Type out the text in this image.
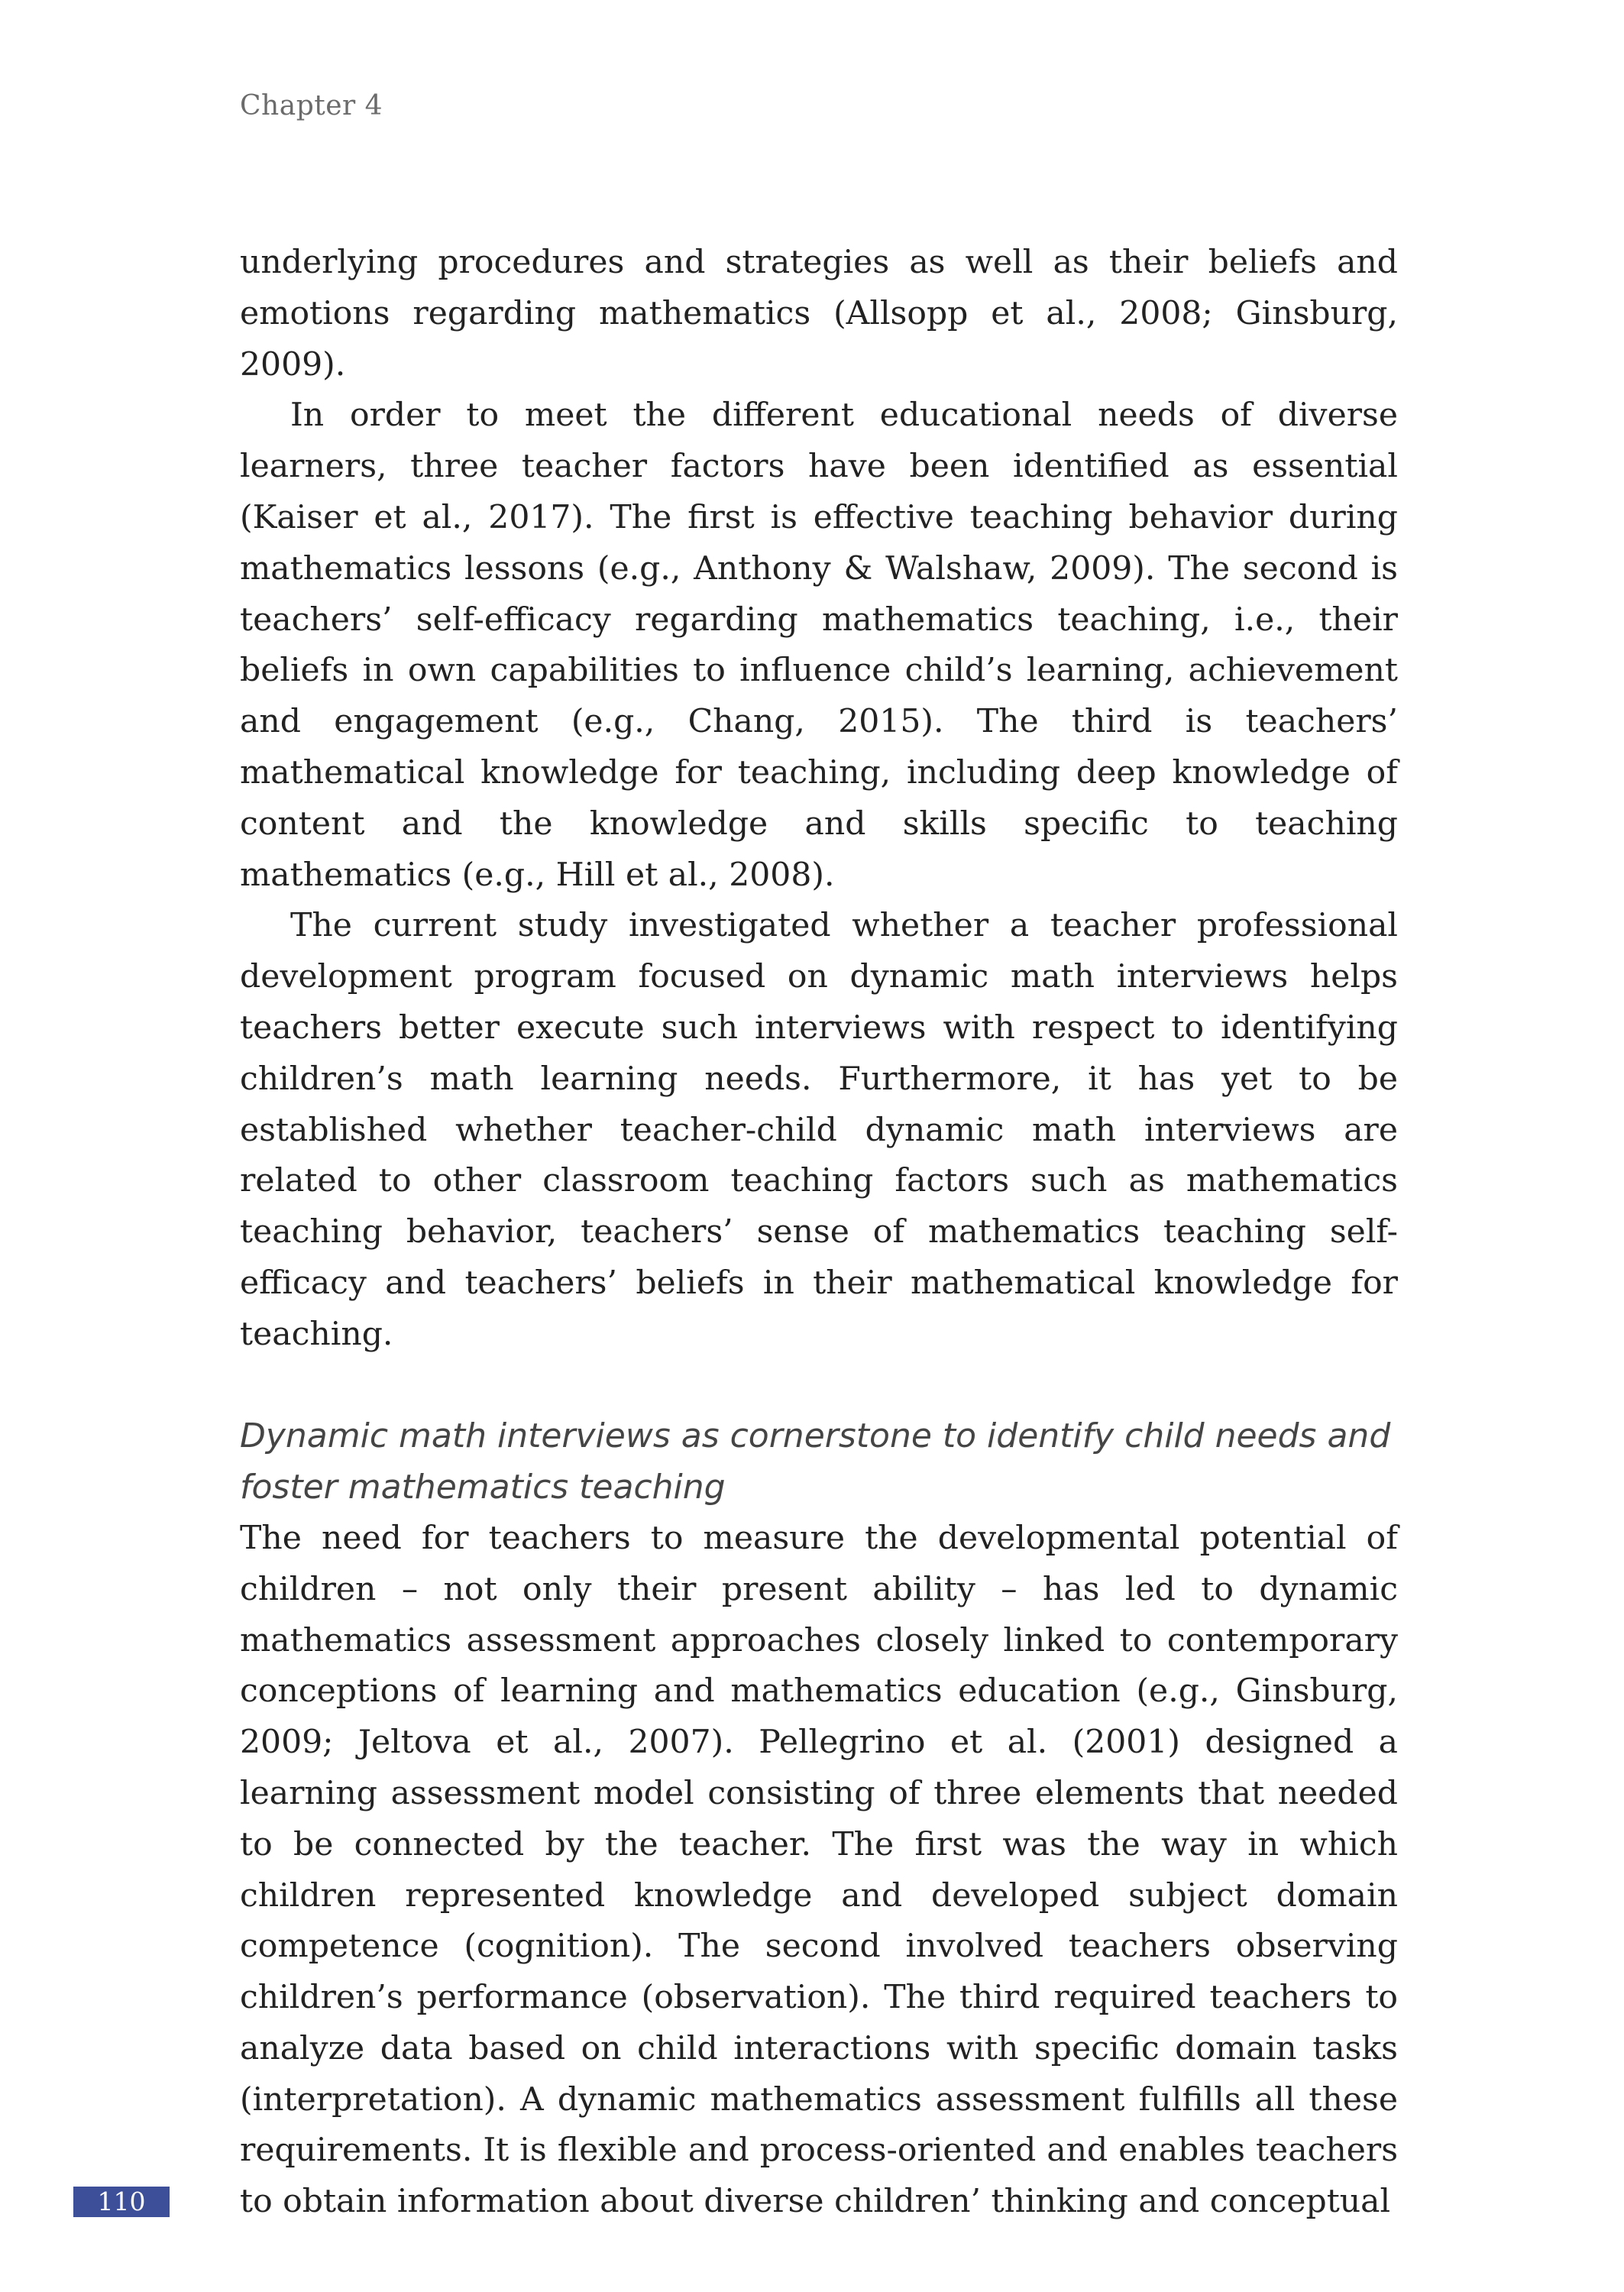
Chapter 4

underlying procedures and strategies as well as their beliefs and emotions regarding mathematics (Allsopp et al., 2008; Ginsburg, 2009).

In order to meet the different educational needs of diverse learners, three teacher factors have been identified as essential (Kaiser et al., 2017). The first is effective teaching behavior during mathematics lessons (e.g., Anthony & Walshaw, 2009). The second is teachers’ self-efficacy regarding mathematics teaching, i.e., their beliefs in own capabilities to influence child’s learning, achievement and engagement (e.g., Chang, 2015). The third is teachers’ mathematical knowledge for teaching, including deep knowledge of content and the knowledge and skills specific to teaching mathematics (e.g., Hill et al., 2008).

The current study investigated whether a teacher professional development program focused on dynamic math interviews helps teachers better execute such interviews with respect to identifying children’s math learning needs. Furthermore, it has yet to be established whether teacher-child dynamic math interviews are related to other classroom teaching factors such as mathematics teaching behavior, teachers’ sense of mathematics teaching self-efficacy and teachers’ beliefs in their mathematical knowledge for teaching.

Dynamic math interviews as cornerstone to identify child needs and foster mathematics teaching

The need for teachers to measure the developmental potential of children – not only their present ability – has led to dynamic mathematics assessment approaches closely linked to contemporary conceptions of learning and mathematics education (e.g., Ginsburg, 2009; Jeltova et al., 2007). Pellegrino et al. (2001) designed a learning assessment model consisting of three elements that needed to be connected by the teacher. The first was the way in which children represented knowledge and developed subject domain competence (cognition). The second involved teachers observing children’s performance (observation). The third required teachers to analyze data based on child interactions with specific domain tasks (interpretation). A dynamic mathematics assessment fulfills all these requirements. It is flexible and process-oriented and enables teachers to obtain information about diverse children’ thinking and conceptual

110
